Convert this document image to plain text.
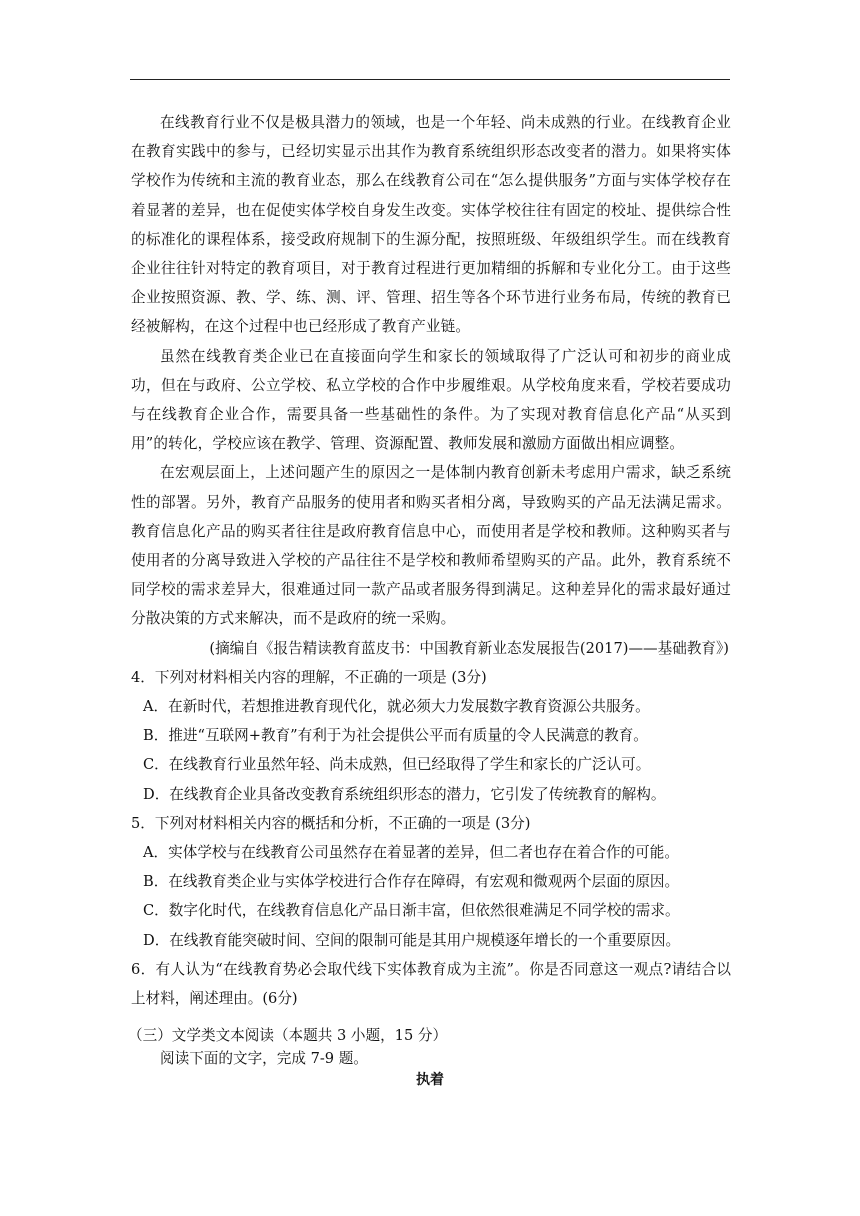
在线教育行业不仅是极具潜力的领域，也是一个年轻、尚未成熟的行业。在线教育企业在教育实践中的参与，已经切实显示出其作为教育系统组织形态改变者的潜力。如果将实体学校作为传统和主流的教育业态，那么在线教育公司在“怎么提供服务”方面与实体学校存在着显著的差异，也在促使实体学校自身发生改变。实体学校往往有固定的校址、提供综合性的标准化的课程体系，接受政府规制下的生源分配，按照班级、年级组织学生。而在线教育企业往往针对特定的教育项目，对于教育过程进行更加精细的拆解和专业化分工。由于这些企业按照资源、教、学、练、测、评、管理、招生等各个环节进行业务布局，传统的教育已经被解构，在这个过程中也已经形成了教育产业链。

虽然在线教育类企业已在直接面向学生和家长的领域取得了广泛认可和初步的商业成功，但在与政府、公立学校、私立学校的合作中步履维艰。从学校角度来看，学校若要成功与在线教育企业合作，需要具备一些基础性的条件。为了实现对教育信息化产品“从买到用”的转化，学校应该在教学、管理、资源配置、教师发展和激励方面做出相应调整。

在宏观层面上，上述问题产生的原因之一是体制内教育创新未考虑用户需求，缺乏系统性的部署。另外，教育产品服务的使用者和购买者相分离，导致购买的产品无法满足需求。教育信息化产品的购买者往往是政府教育信息中心，而使用者是学校和教师。这种购买者与使用者的分离导致进入学校的产品往往不是学校和教师希望购买的产品。此外，教育系统不同学校的需求差异大，很难通过同一款产品或者服务得到满足。这种差异化的需求最好通过分散决策的方式来解决，而不是政府的统一采购。

(摘编自《报告精读教育蓝皮书：中国教育新业态发展报告(2017)——基础教育》)

4．下列对材料相关内容的理解，不正确的一项是 (3分)

A．在新时代，若想推进教育现代化，就必须大力发展数字教育资源公共服务。

B．推进“互联网+教育”有利于为社会提供公平而有质量的令人民满意的教育。

C．在线教育行业虽然年轻、尚未成熟，但已经取得了学生和家长的广泛认可。

D．在线教育企业具备改变教育系统组织形态的潜力，它引发了传统教育的解构。

5．下列对材料相关内容的概括和分析，不正确的一项是 (3分)

A．实体学校与在线教育公司虽然存在着显著的差异，但二者也存在着合作的可能。

B．在线教育类企业与实体学校进行合作存在障碍，有宏观和微观两个层面的原因。

C．数字化时代，在线教育信息化产品日渐丰富，但依然很难满足不同学校的需求。

D．在线教育能突破时间、空间的限制可能是其用户规模逐年增长的一个重要原因。

6．有人认为“在线教育势必会取代线下实体教育成为主流”。你是否同意这一观点?请结合以上材料，阐述理由。(6分)

（三）文学类文本阅读（本题共 3 小题，15 分）
阅读下面的文字，完成 7-9 题。
执着
